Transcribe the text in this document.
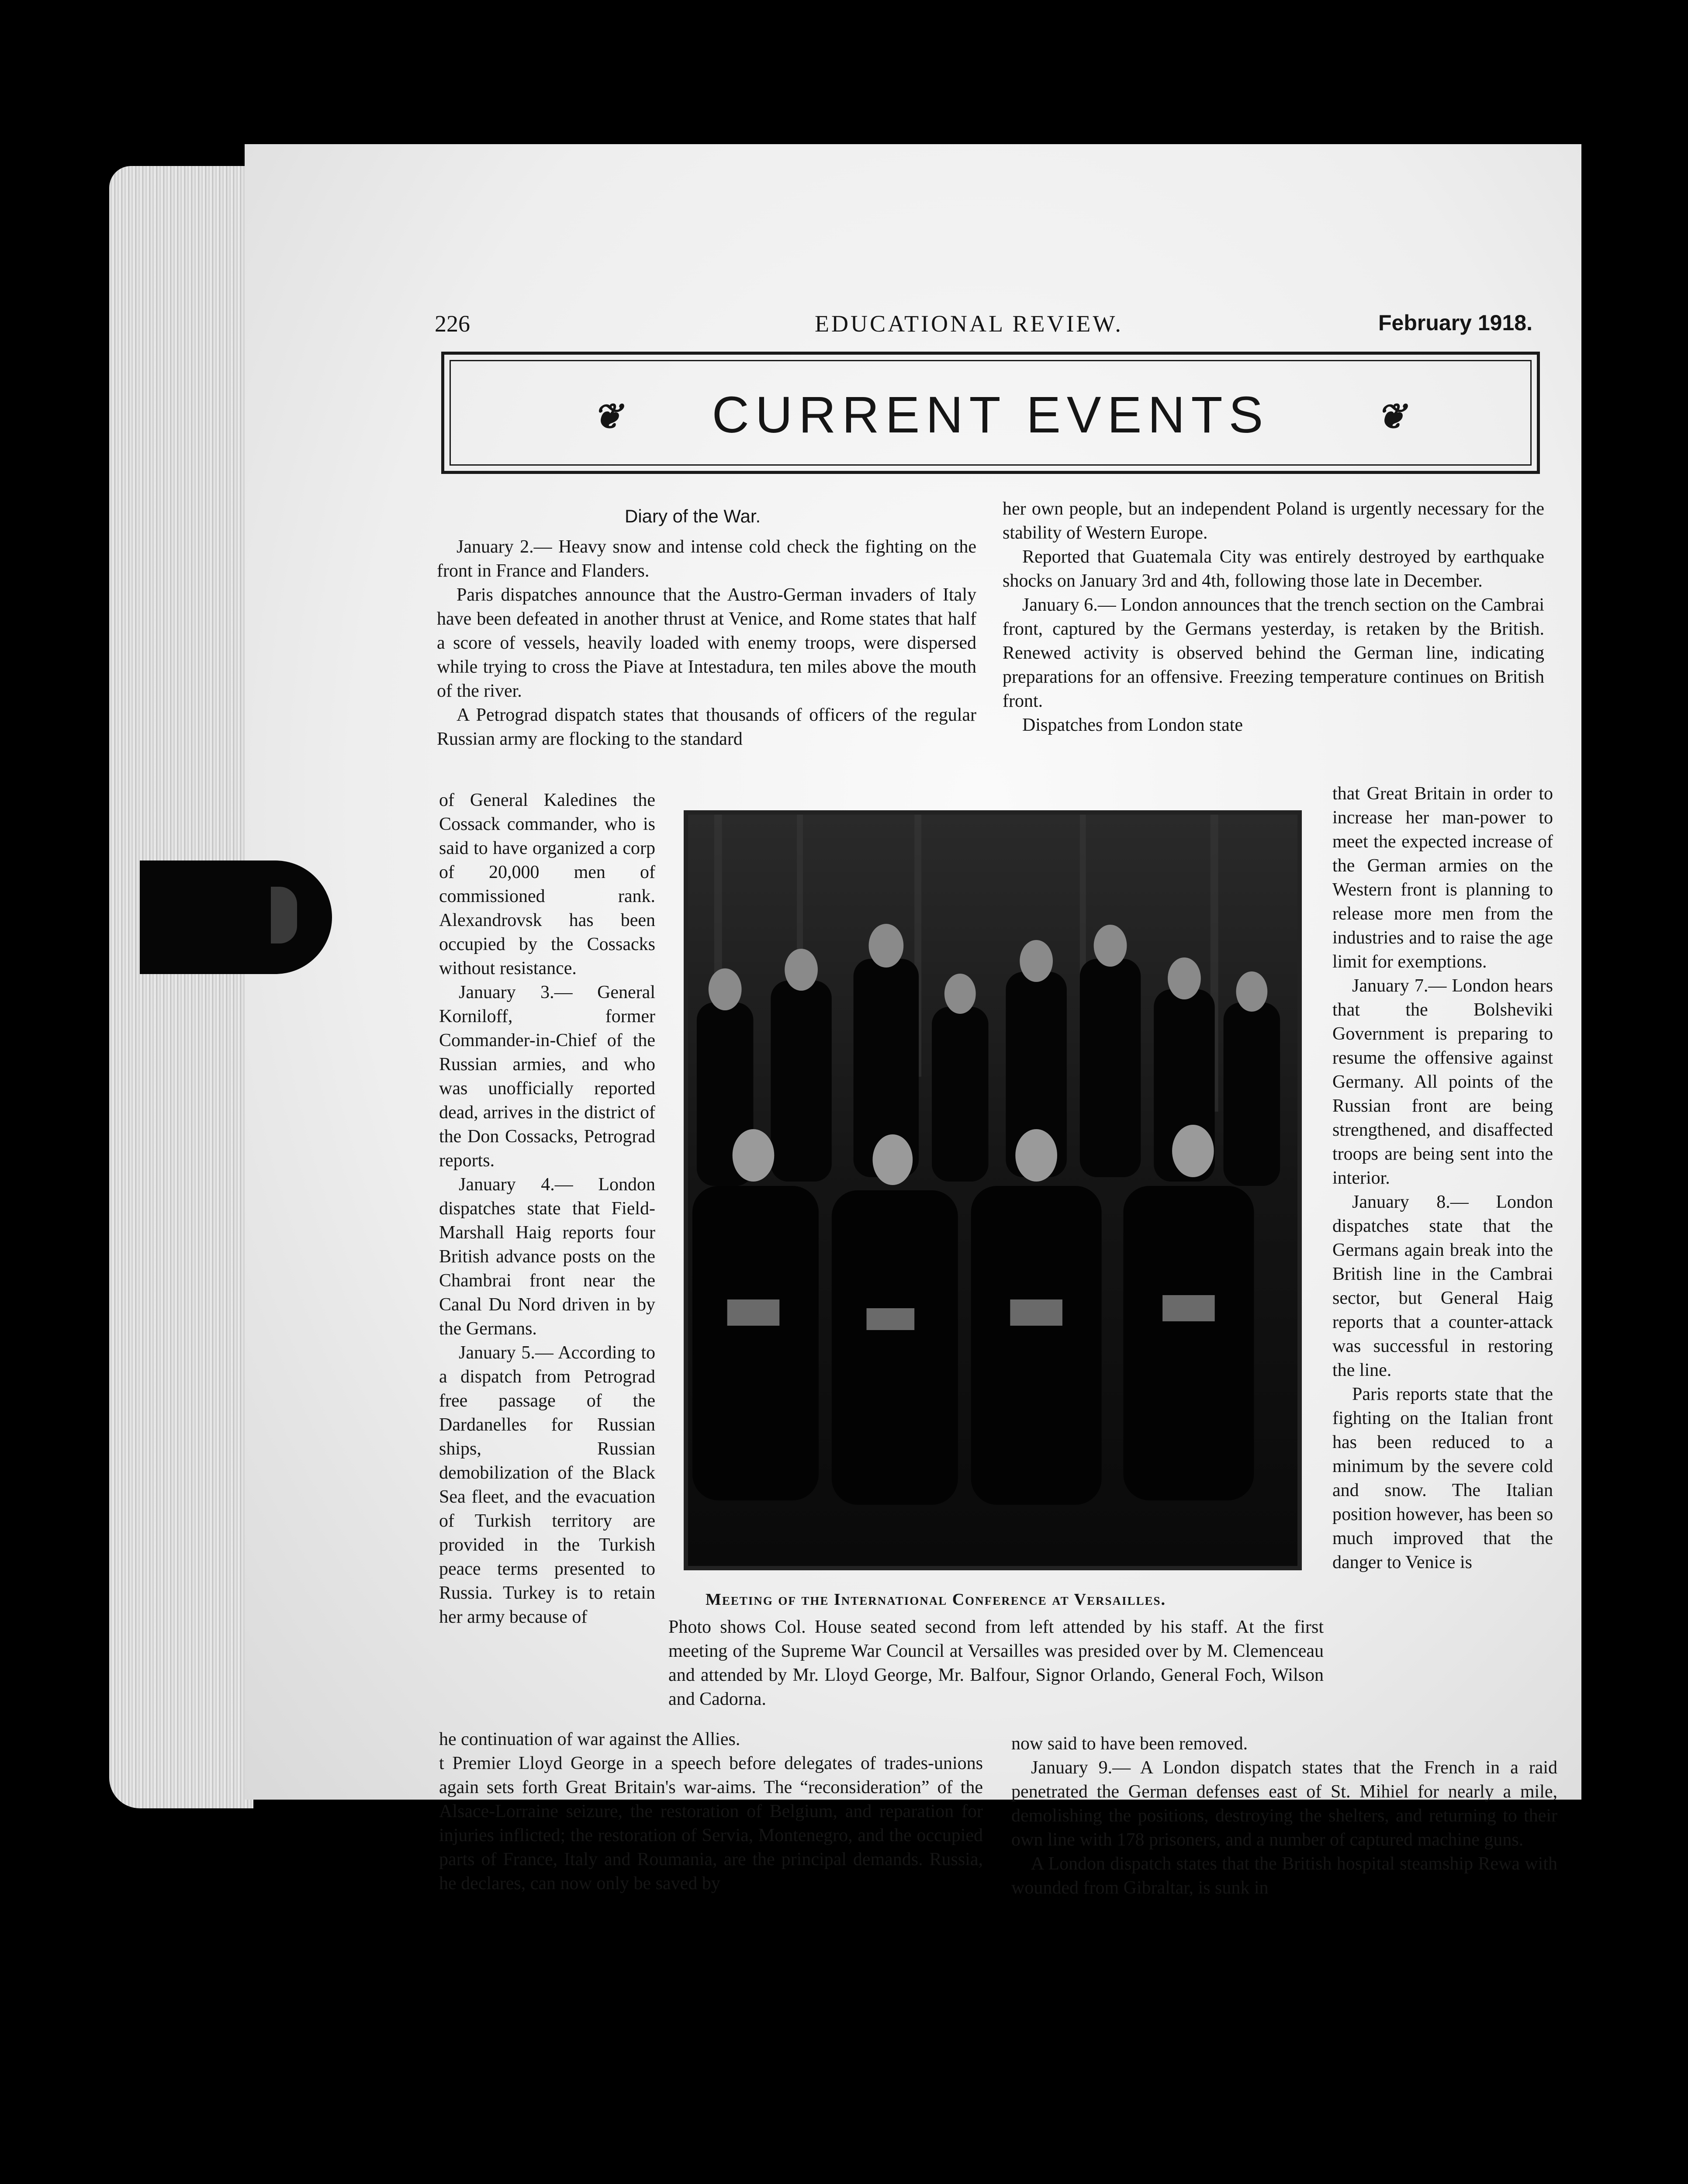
226	EDUCATIONAL REVIEW.	February 1918.
❦	CURRENT EVENTS	❦
Diary of the War.

January 2.— Heavy snow and intense cold check the fighting on the front in France and Flanders.

Paris dispatches announce that the Austro-German invaders of Italy have been defeated in another thrust at Venice, and Rome states that half a score of vessels, heavily loaded with enemy troops, were dispersed while trying to cross the Piave at Intestadura, ten miles above the mouth of the river.

A Petrograd dispatch states that thousands of officers of the regular Russian army are flocking to the standard

of General Kaledines the Cossack commander, who is said to have organized a corp of 20,000 men of commissioned rank. Alexandrovsk has been occupied by the Cossacks without resistance.

January 3.— General Korniloff, former Commander-in-Chief of the Russian armies, and who was unofficially reported dead, arrives in the district of the Don Cossacks, Petrograd reports.

January 4.— London dispatches state that Field-Marshall Haig reports four British advance posts on the Chambrai front near the Canal Du Nord driven in by the Germans.

January 5.— According to a dispatch from Petrograd free passage of the Dardanelles for Russian ships, Russian demobilization of the Black Sea fleet, and the evacuation of Turkish territory are provided in the Turkish peace terms presented to Russia. Turkey is to retain her army because of

he continuation of war against the Allies.

t Premier Lloyd George in a speech before delegates of trades-unions again sets forth Great Britain's war-aims. The “reconsideration” of the Alsace-Lorraine seizure, the restoration of Belgium, and reparation for injuries inflicted; the restoration of Servia, Montenegro, and the occupied parts of France, Italy and Roumania, are the principal demands. Russia, he declares, can now only be saved by

her own people, but an independent Poland is urgently necessary for the stability of Western Europe.

Reported that Guatemala City was entirely destroyed by earthquake shocks on January 3rd and 4th, following those late in December.

January 6.— London announces that the trench section on the Cambrai front, captured by the Germans yesterday, is retaken by the British. Renewed activity is observed behind the German line, indicating preparations for an offensive. Freezing temperature continues on British front.

Dispatches from London state

that Great Britain in order to increase her man-power to meet the expected increase of the German armies on the Western front is planning to release more men from the industries and to raise the age limit for exemptions.

January 7.— London hears that the Bolsheviki Government is preparing to resume the offensive against Germany. All points of the Russian front are being strengthened, and disaffected troops are being sent into the interior.

January 8.— London dispatches state that the Germans again break into the British line in the Cambrai sector, but General Haig reports that a counter-attack was successful in restoring the line.

Paris reports state that the fighting on the Italian front has been reduced to a minimum by the severe cold and snow. The Italian position however, has been so much improved that the danger to Venice is

now said to have been removed.

January 9.— A London dispatch states that the French in a raid penetrated the German defenses east of St. Mihiel for nearly a mile, demolishing the positions, destroying the shelters, and returning to their own line with 178 prisoners, and a number of captured machine guns.

A London dispatch states that the British hospital steamship Rewa with wounded from Gibraltar, is sunk in

Meeting of the International Conference at Versailles.

Photo shows Col. House seated second from left attended by his staff. At the first meeting of the Supreme War Council at Versailles was presided over by M. Clemenceau and attended by Mr. Lloyd George, Mr. Balfour, Signor Orlando, General Foch, Wilson and Cadorna.
